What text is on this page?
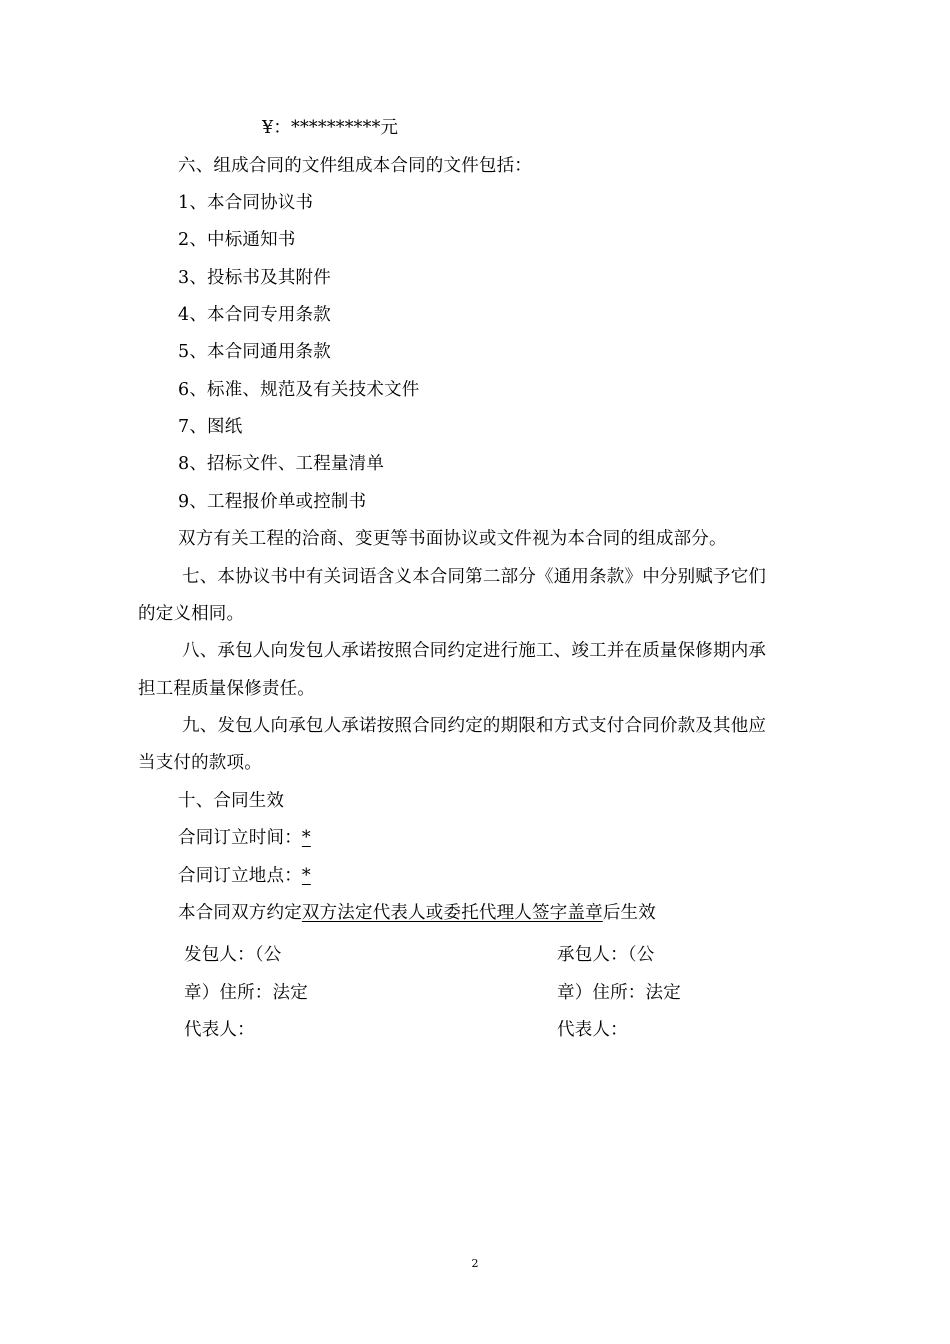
¥：**********元
六、组成合同的文件组成本合同的文件包括：
1、本合同协议书
2、中标通知书
3、投标书及其附件
4、本合同专用条款
5、本合同通用条款
6、标准、规范及有关技术文件
7、图纸
8、招标文件、工程量清单
9、工程报价单或控制书
双方有关工程的洽商、变更等书面协议或文件视为本合同的组成部分。
七、本协议书中有关词语含义本合同第二部分《通用条款》中分别赋予它们
的定义相同。
八、承包人向发包人承诺按照合同约定进行施工、竣工并在质量保修期内承
担工程质量保修责任。
九、发包人向承包人承诺按照合同约定的期限和方式支付合同价款及其他应
当支付的款项。
十、合同生效
合同订立时间：*
合同订立地点：*
本合同双方约定双方法定代表人或委托代理人签字盖章后生效
发包人：（公
章）住所：法定
代表人：
承包人：（公
章）住所：法定
代表人：
2
